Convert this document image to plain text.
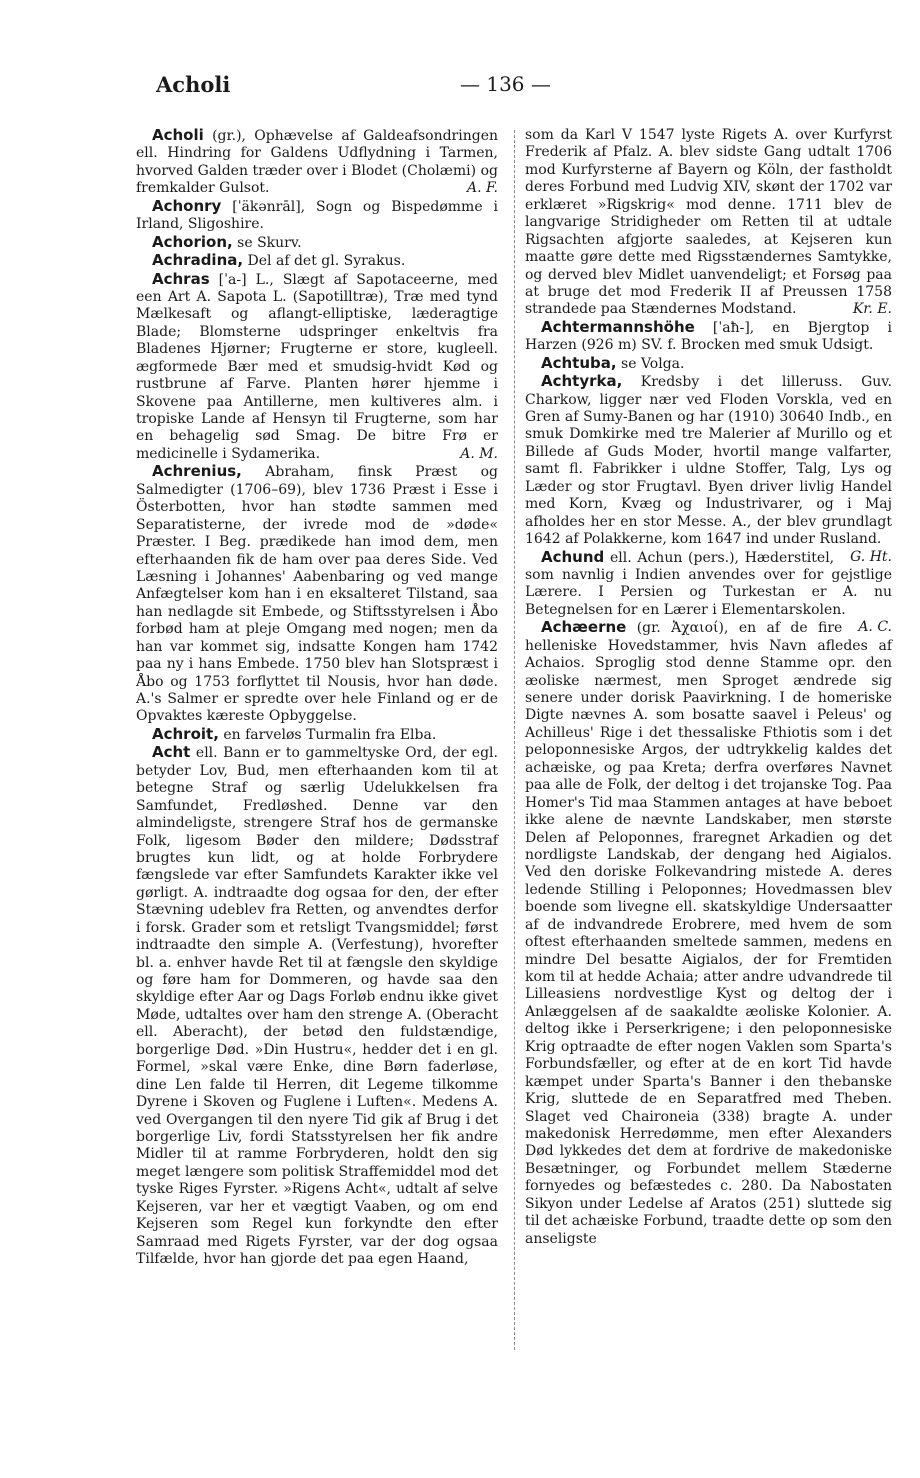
Acholi	— 136 —

Acholi (gr.), Ophævelse af Galdeafsondringen ell. Hindring for Galdens Udflydning i Tarmen, hvorved Galden træder over i Blodet (Cholæmi) og fremkalder Gulsot.	A. F.

Achonry [ˈäkənrāl], Sogn og Bispedømme i Irland, Sligoshire.

Achorion, se Skurv.

Achradina, Del af det gl. Syrakus.

Achras [ˈa-] L., Slægt af Sapotaceerne, med een Art A. Sapota L. (Sapotilltræ), Træ med tynd Mælkesaft og aflangt-elliptiske, læderagtige Blade; Blomsterne udspringer enkeltvis fra Bladenes Hjørner; Frugterne er store, kugleell. ægformede Bær med et smudsig-hvidt Kød og rustbrune af Farve. Planten hører hjemme i Skovene paa Antillerne, men kultiveres alm. i tropiske Lande af Hensyn til Frugterne, som har en behagelig sød Smag. De bitre Frø er medicinelle i Sydamerika.	A. M.

Achrenius, Abraham, finsk Præst og Salmedigter (1706–69), blev 1736 Præst i Esse i Österbotten, hvor han stødte sammen med Separatisterne, der ivrede mod de »døde« Præster. I Beg. prædikede han imod dem, men efterhaanden fik de ham over paa deres Side. Ved Læsning i Johannes' Aabenbaring og ved mange Anfægtelser kom han i en eksalteret Tilstand, saa han nedlagde sit Embede, og Stiftsstyrelsen i Åbo forbød ham at pleje Omgang med nogen; men da han var kommet sig, indsatte Kongen ham 1742 paa ny i hans Embede. 1750 blev han Slotspræst i Åbo og 1753 forflyttet til Nousis, hvor han døde. A.'s Salmer er spredte over hele Finland og er de Opvaktes kæreste Opbyggelse.

Achroit, en farveløs Turmalin fra Elba.

Acht ell. Bann er to gammeltyske Ord, der egl. betyder Lov, Bud, men efterhaanden kom til at betegne Straf og særlig Udelukkelsen fra Samfundet, Fredløshed. Denne var den almindeligste, strengere Straf hos de germanske Folk, ligesom Bøder den mildere; Dødsstraf brugtes kun lidt, og at holde Forbrydere fængslede var efter Samfundets Karakter ikke vel gørligt. A. indtraadte dog ogsaa for den, der efter Stævning udeblev fra Retten, og anvendtes derfor i forsk. Grader som et retsligt Tvangsmiddel; først indtraadte den simple A. (Verfestung), hvorefter bl. a. enhver havde Ret til at fængsle den skyldige og føre ham for Dommeren, og havde saa den skyldige efter Aar og Dags Forløb endnu ikke givet Møde, udtaltes over ham den strenge A. (Oberacht ell. Aberacht), der betød den fuldstændige, borgerlige Død. »Din Hustru«, hedder det i en gl. Formel, »skal være Enke, dine Børn faderløse, dine Len falde til Herren, dit Legeme tilkomme Dyrene i Skoven og Fuglene i Luften«. Medens A. ved Overgangen til den nyere Tid gik af Brug i det borgerlige Liv, fordi Statsstyrelsen her fik andre Midler til at ramme Forbryderen, holdt den sig meget længere som politisk Straffemiddel mod det tyske Riges Fyrster. »Rigens Acht«, udtalt af selve Kejseren, var her et vægtigt Vaaben, og om end Kejseren som Regel kun forkyndte den efter Samraad med Rigets Fyrster, var der dog ogsaa Tilfælde, hvor han gjorde det paa egen Haand,

som da Karl V 1547 lyste Rigets A. over Kurfyrst Frederik af Pfalz. A. blev sidste Gang udtalt 1706 mod Kurfyrsterne af Bayern og Köln, der fastholdt deres Forbund med Ludvig XIV, skønt der 1702 var erklæret »Rigskrig« mod denne. 1711 blev de langvarige Stridigheder om Retten til at udtale Rigsachten afgjorte saaledes, at Kejseren kun maatte gøre dette med Rigsstændernes Samtykke, og derved blev Midlet uanvendeligt; et Forsøg paa at bruge det mod Frederik II af Preussen 1758 strandede paa Stændernes Modstand.	Kr. E.

Achtermannshöhe [ˈaħ-], en Bjergtop i Harzen (926 m) SV. f. Brocken med smuk Udsigt.

Achtuba, se Volga.

Achtyrka, Kredsby i det lilleruss. Guv. Charkow, ligger nær ved Floden Vorskla, ved en Gren af Sumy-Banen og har (1910) 30640 Indb., en smuk Domkirke med tre Malerier af Murillo og et Billede af Guds Moder, hvortil mange valfarter, samt fl. Fabrikker i uldne Stoffer, Talg, Lys og Læder og stor Frugtavl. Byen driver livlig Handel med Korn, Kvæg og Industrivarer, og i Maj afholdes her en stor Messe. A., der blev grundlagt 1642 af Polakkerne, kom 1647 ind under Rusland.
G. Ht.

Achund ell. Achun (pers.), Hæderstitel, som navnlig i Indien anvendes over for gejstlige Lærere. I Persien og Turkestan er A. nu Betegnelsen for en Lærer i Elementarskolen.
A. C.

Achæerne (gr. Ἀχαιοί), en af de fire helleniske Hovedstammer, hvis Navn afledes af Achaios. Sproglig stod denne Stamme opr. den æoliske nærmest, men Sproget ændrede sig senere under dorisk Paavirkning. I de homeriske Digte nævnes A. som bosatte saavel i Peleus' og Achilleus' Rige i det thessaliske Fthiotis som i det peloponnesiske Argos, der udtrykkelig kaldes det achæiske, og paa Kreta; derfra overføres Navnet paa alle de Folk, der deltog i det trojanske Tog. Paa Homer's Tid maa Stammen antages at have beboet ikke alene de nævnte Landskaber, men største Delen af Peloponnes, fraregnet Arkadien og det nordligste Landskab, der dengang hed Aigialos. Ved den doriske Folkevandring mistede A. deres ledende Stilling i Peloponnes; Hovedmassen blev boende som livegne ell. skatskyldige Undersaatter af de indvandrede Erobrere, med hvem de som oftest efterhaanden smeltede sammen, medens en mindre Del besatte Aigialos, der for Fremtiden kom til at hedde Achaia; atter andre udvandrede til Lilleasiens nordvestlige Kyst og deltog der i Anlæggelsen af de saakaldte æoliske Kolonier. A. deltog ikke i Perserkrigene; i den peloponnesiske Krig optraadte de efter nogen Vaklen som Sparta's Forbundsfæller, og efter at de en kort Tid havde kæmpet under Sparta's Banner i den thebanske Krig, sluttede de en Separatfred med Theben. Slaget ved Chaironeia (338) bragte A. under makedonisk Herredømme, men efter Alexanders Død lykkedes det dem at fordrive de makedoniske Besætninger, og Forbundet mellem Stæderne fornyedes og befæstedes c. 280. Da Nabostaten Sikyon under Ledelse af Aratos (251) sluttede sig til det achæiske Forbund, traadte dette op som den anseligste
